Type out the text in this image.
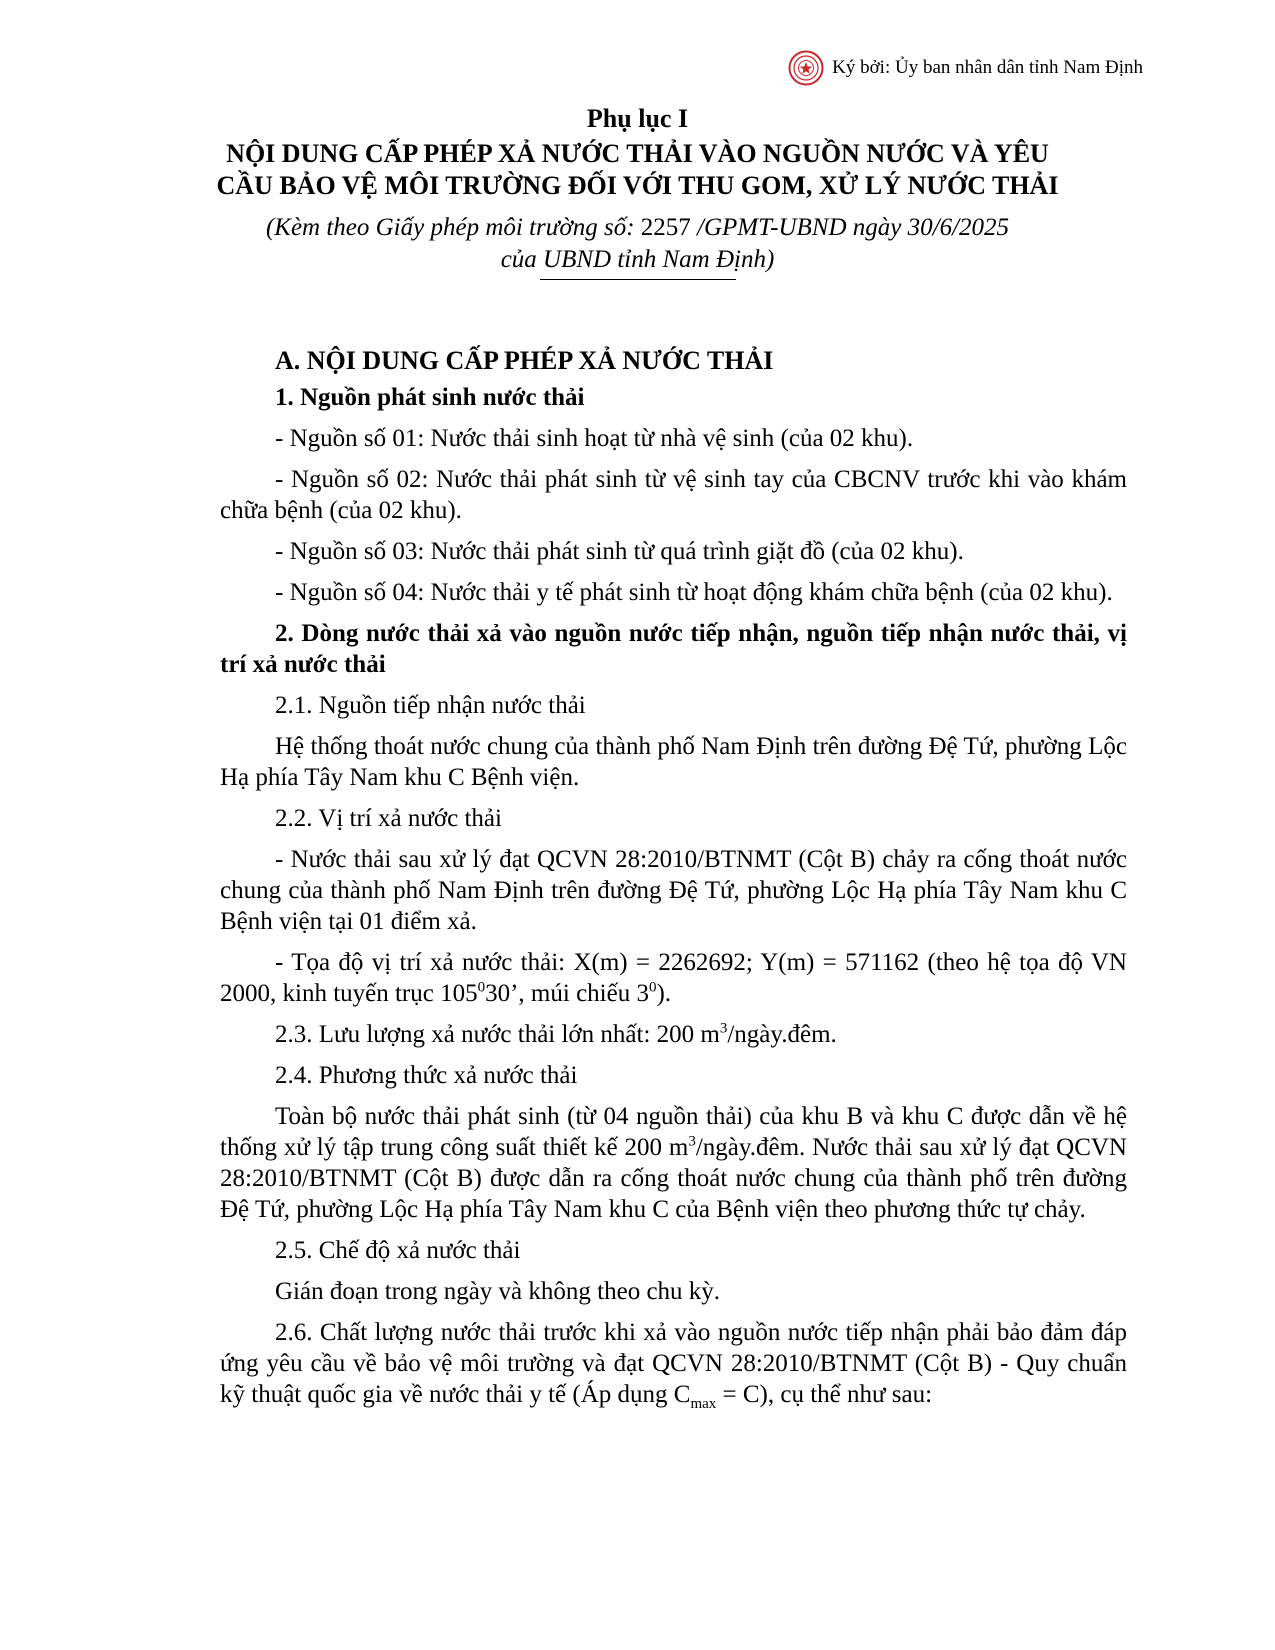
Ký bởi: Ủy ban nhân dân tỉnh Nam Định
Phụ lục I
NỘI DUNG CẤP PHÉP XẢ NƯỚC THẢI VÀO NGUỒN NƯỚC VÀ YÊU
CẦU BẢO VỆ MÔI TRƯỜNG ĐỐI VỚI THU GOM, XỬ LÝ NƯỚC THẢI
(Kèm theo Giấy phép môi trường số: 2257 /GPMT-UBND ngày 30/6/2025
của UBND tỉnh Nam Định)

A. NỘI DUNG CẤP PHÉP XẢ NƯỚC THẢI

1. Nguồn phát sinh nước thải

- Nguồn số 01: Nước thải sinh hoạt từ nhà vệ sinh (của 02 khu).

- Nguồn số 02: Nước thải phát sinh từ vệ sinh tay của CBCNV trước khi vào khám chữa bệnh (của 02 khu).

- Nguồn số 03: Nước thải phát sinh từ quá trình giặt đồ (của 02 khu).

- Nguồn số 04: Nước thải y tế phát sinh từ hoạt động khám chữa bệnh (của 02 khu).

2. Dòng nước thải xả vào nguồn nước tiếp nhận, nguồn tiếp nhận nước thải, vị trí xả nước thải

2.1. Nguồn tiếp nhận nước thải

Hệ thống thoát nước chung của thành phố Nam Định trên đường Đệ Tứ, phường Lộc Hạ phía Tây Nam khu C Bệnh viện.

2.2. Vị trí xả nước thải

- Nước thải sau xử lý đạt QCVN 28:2010/BTNMT (Cột B) chảy ra cống thoát nước chung của thành phố Nam Định trên đường Đệ Tứ, phường Lộc Hạ phía Tây Nam khu C Bệnh viện tại 01 điểm xả.

- Tọa độ vị trí xả nước thải: X(m) = 2262692; Y(m) = 571162 (theo hệ tọa độ VN 2000, kinh tuyến trục $105^030$’, múi chiếu $3^0$).

2.3. Lưu lượng xả nước thải lớn nhất: 200 $m^3/ngày.đêm$.

2.4. Phương thức xả nước thải

Toàn bộ nước thải phát sinh (từ 04 nguồn thải) của khu B và khu C được dẫn về hệ thống xử lý tập trung công suất thiết kế 200 $m^3/ngày.đêm$. Nước thải sau xử lý đạt QCVN 28:2010/BTNMT (Cột B) được dẫn ra cống thoát nước chung của thành phố trên đường Đệ Tứ, phường Lộc Hạ phía Tây Nam khu C của Bệnh viện theo phương thức tự chảy.

2.5. Chế độ xả nước thải

Gián đoạn trong ngày và không theo chu kỳ.

2.6. Chất lượng nước thải trước khi xả vào nguồn nước tiếp nhận phải bảo đảm đáp ứng yêu cầu về bảo vệ môi trường và đạt QCVN 28:2010/BTNMT (Cột B) - Quy chuẩn kỹ thuật quốc gia về nước thải y tế (Áp dụng $C_{max} = C$), cụ thể như sau:
